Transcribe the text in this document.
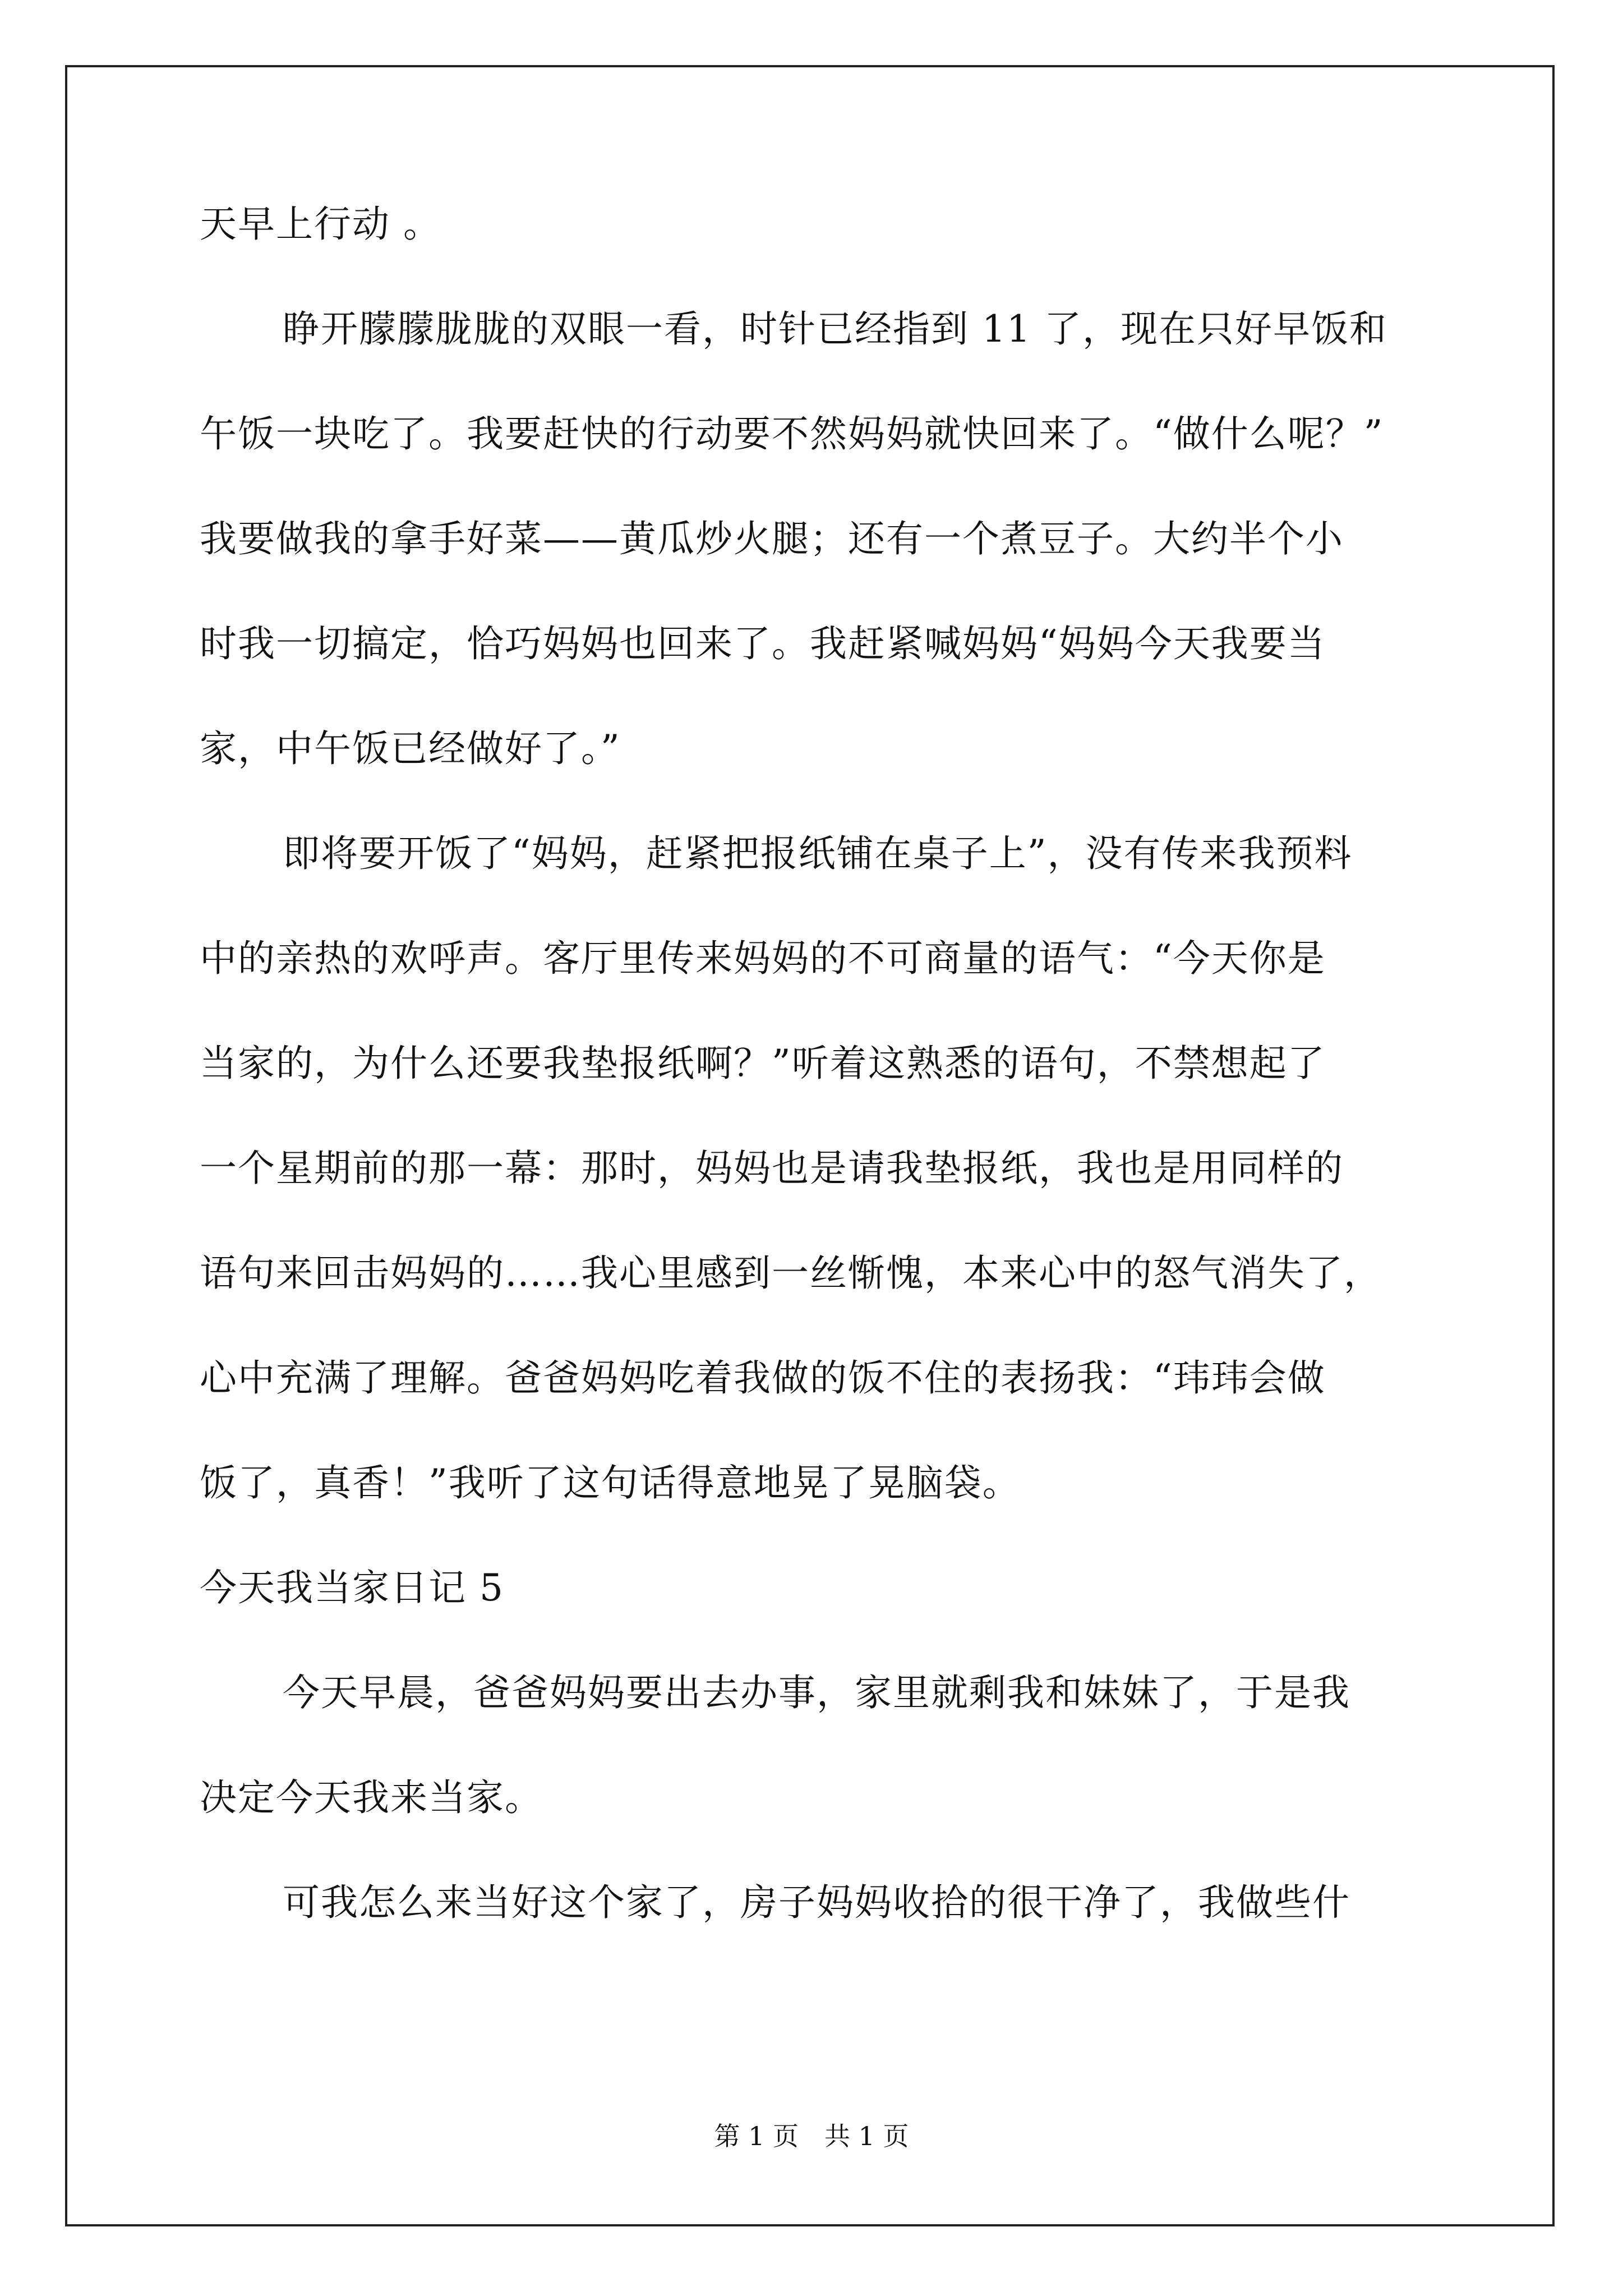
天早上行动 。
睁开朦朦胧胧的双眼一看，时针已经指到 11 了，现在只好早饭和
午饭一块吃了。我要赶快的行动要不然妈妈就快回来了。“做什么呢？”
我要做我的拿手好菜——黄瓜炒火腿；还有一个煮豆子。大约半个小
时我一切搞定，恰巧妈妈也回来了。我赶紧喊妈妈“妈妈今天我要当
家，中午饭已经做好了。”
即将要开饭了“妈妈，赶紧把报纸铺在桌子上”，没有传来我预料
中的亲热的欢呼声。客厅里传来妈妈的不可商量的语气：“今天你是
当家的，为什么还要我垫报纸啊？”听着这熟悉的语句，不禁想起了
一个星期前的那一幕：那时，妈妈也是请我垫报纸，我也是用同样的
语句来回击妈妈的……我心里感到一丝惭愧，本来心中的怒气消失了，
心中充满了理解。爸爸妈妈吃着我做的饭不住的表扬我：“玮玮会做
饭了，真香！”我听了这句话得意地晃了晃脑袋。
今天我当家日记 5
今天早晨，爸爸妈妈要出去办事，家里就剩我和妹妹了，于是我
决定今天我来当家。
可我怎么来当好这个家了，房子妈妈收拾的很干净了，我做些什
第 1 页　共 1 页
